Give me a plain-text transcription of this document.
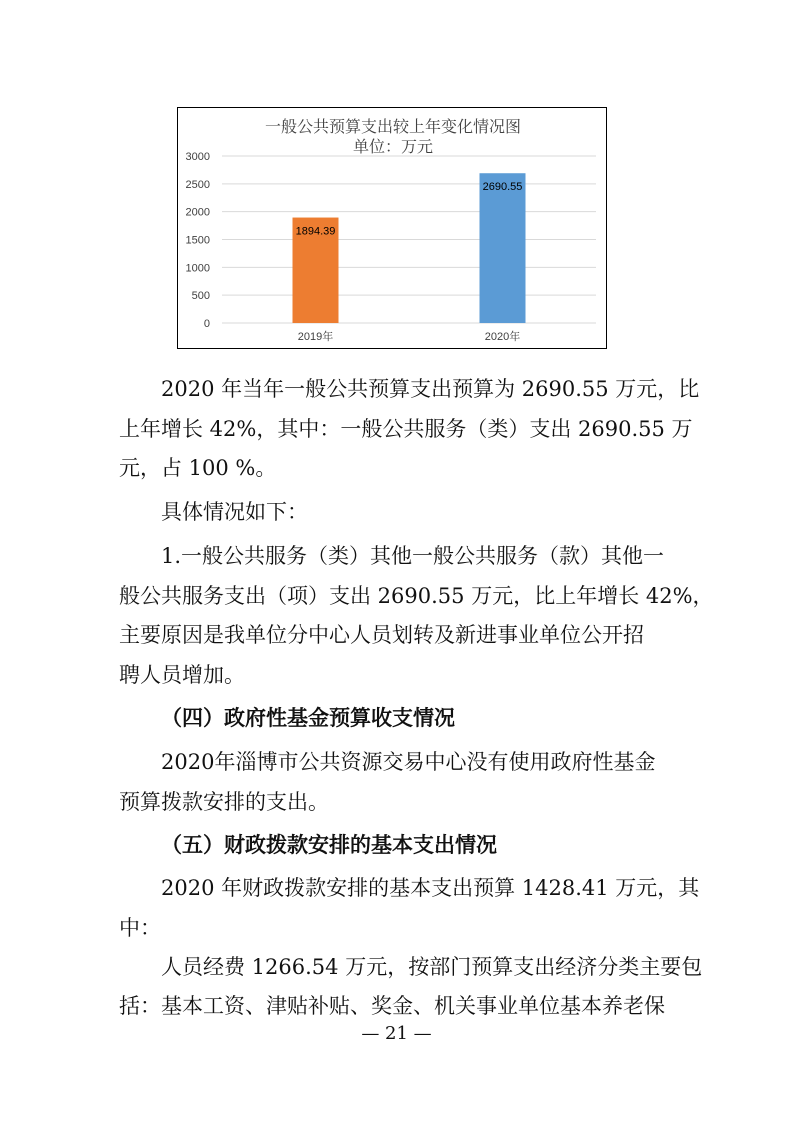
一般公共预算支出较上年变化情况图
单位：万元
0
500
1000
1500
2000
2500
3000
1894.39
2019年
2690.55
2020年

2020 年当年一般公共预算支出预算为 2690.55 万元，比

上年增长 42%，其中：一般公共服务（类）支出 2690.55 万

元，占 100 %。

具体情况如下：

1.一般公共服务（类）其他一般公共服务（款）其他一

般公共服务支出（项）支出 2690.55 万元，比上年增长 42%，

主要原因是我单位分中心人员划转及新进事业单位公开招

聘人员增加。

（四）政府性基金预算收支情况

2020年淄博市公共资源交易中心没有使用政府性基金

预算拨款安排的支出。

（五）财政拨款安排的基本支出情况

2020 年财政拨款安排的基本支出预算 1428.41 万元，其

中：

人员经费 1266.54 万元，按部门预算支出经济分类主要包

括：基本工资、津贴补贴、奖金、机关事业单位基本养老保

— 21 —
